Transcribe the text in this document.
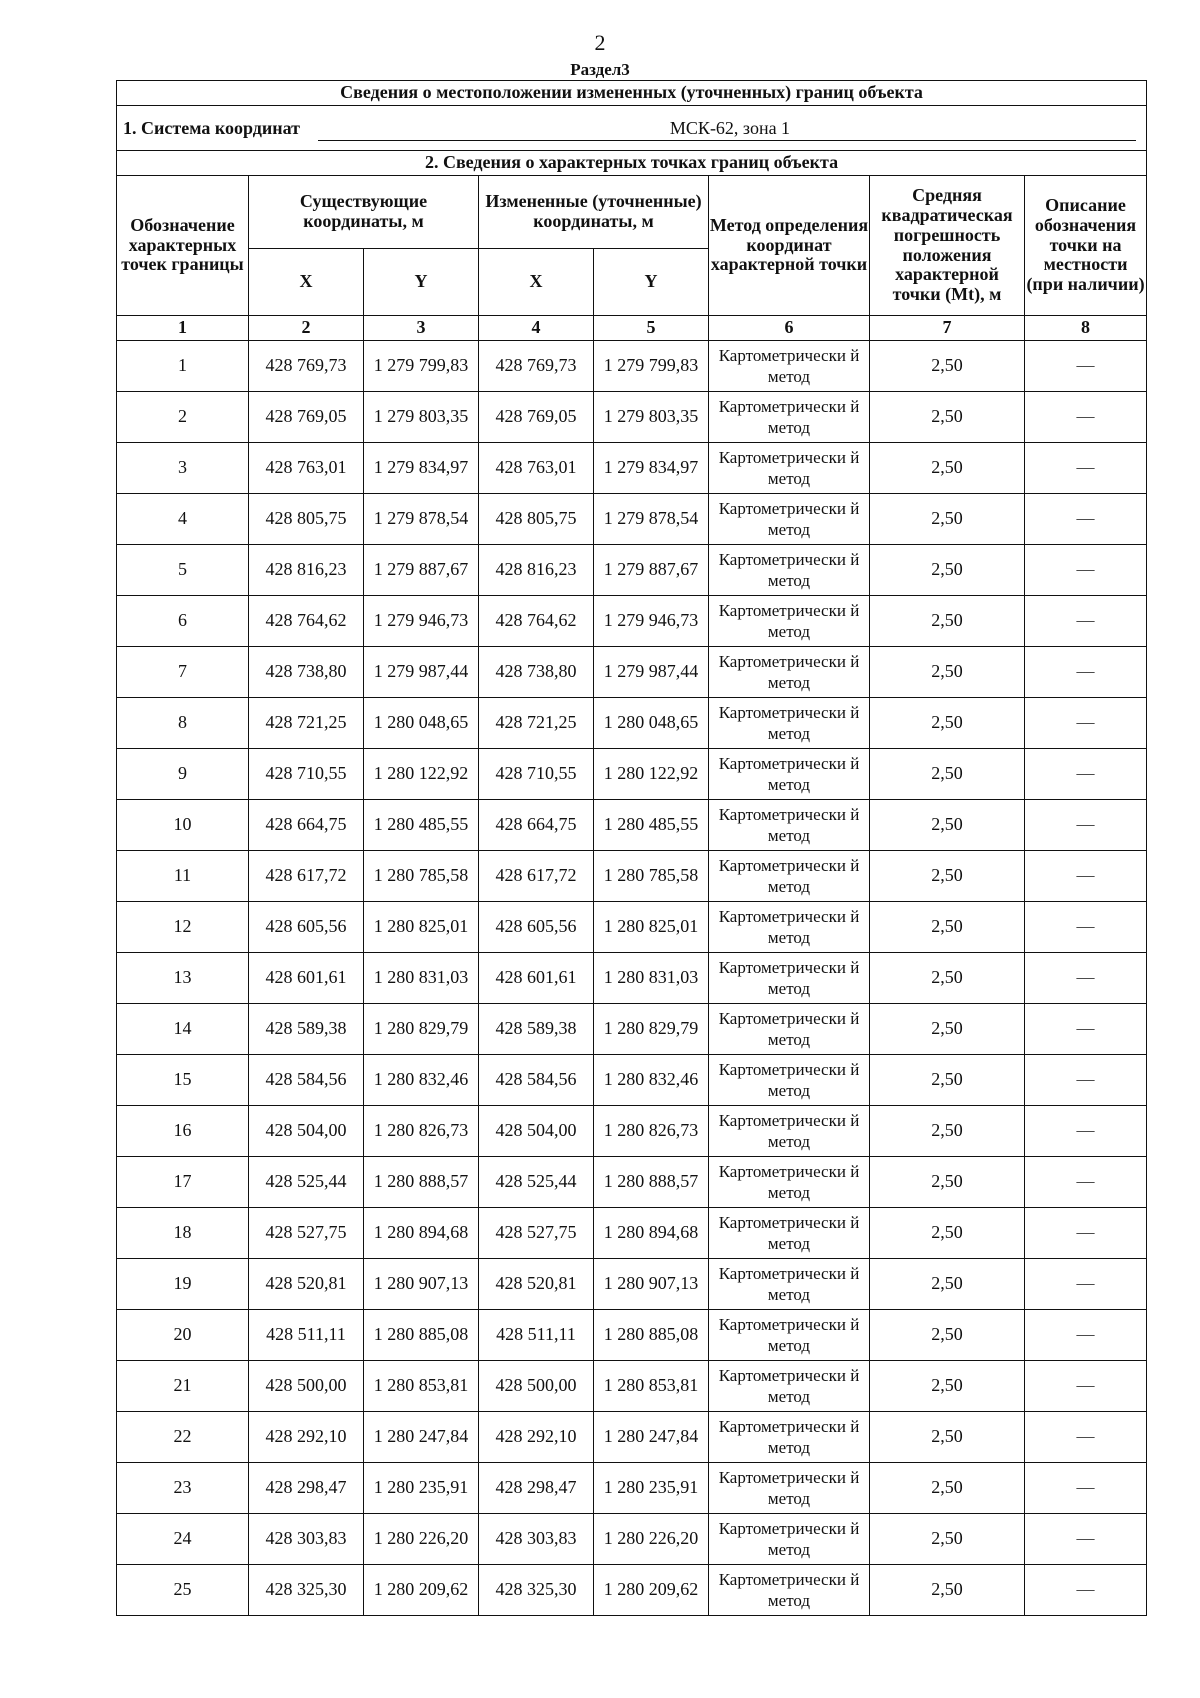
2
Раздел3
Сведения о местоположении измененных (уточненных) границ объекта							

1. Система координат МСК-62, зона 1							

2. Сведения о характерных точках границ объекта							
Обозначение характерных точек границы	Существующие координаты, м		Измененные (уточненные) координаты, м		Метод определения координат характерной точки	Средняя квадратическая погрешность положения характерной точки (Mt), м	Описание обозначения точки на местности (при наличии)
	X	Y	X	Y			
1	2	3	4	5	6	7	8
1	428 769,73	1 279 799,83	428 769,73	1 279 799,83	Картометрически й метод	2,50	—
2	428 769,05	1 279 803,35	428 769,05	1 279 803,35	Картометрически й метод	2,50	—
3	428 763,01	1 279 834,97	428 763,01	1 279 834,97	Картометрически й метод	2,50	—
4	428 805,75	1 279 878,54	428 805,75	1 279 878,54	Картометрически й метод	2,50	—
5	428 816,23	1 279 887,67	428 816,23	1 279 887,67	Картометрически й метод	2,50	—
6	428 764,62	1 279 946,73	428 764,62	1 279 946,73	Картометрически й метод	2,50	—
7	428 738,80	1 279 987,44	428 738,80	1 279 987,44	Картометрически й метод	2,50	—
8	428 721,25	1 280 048,65	428 721,25	1 280 048,65	Картометрически й метод	2,50	—
9	428 710,55	1 280 122,92	428 710,55	1 280 122,92	Картометрически й метод	2,50	—
10	428 664,75	1 280 485,55	428 664,75	1 280 485,55	Картометрически й метод	2,50	—
11	428 617,72	1 280 785,58	428 617,72	1 280 785,58	Картометрически й метод	2,50	—
12	428 605,56	1 280 825,01	428 605,56	1 280 825,01	Картометрически й метод	2,50	—
13	428 601,61	1 280 831,03	428 601,61	1 280 831,03	Картометрически й метод	2,50	—
14	428 589,38	1 280 829,79	428 589,38	1 280 829,79	Картометрически й метод	2,50	—
15	428 584,56	1 280 832,46	428 584,56	1 280 832,46	Картометрически й метод	2,50	—
16	428 504,00	1 280 826,73	428 504,00	1 280 826,73	Картометрически й метод	2,50	—
17	428 525,44	1 280 888,57	428 525,44	1 280 888,57	Картометрически й метод	2,50	—
18	428 527,75	1 280 894,68	428 527,75	1 280 894,68	Картометрически й метод	2,50	—
19	428 520,81	1 280 907,13	428 520,81	1 280 907,13	Картометрически й метод	2,50	—
20	428 511,11	1 280 885,08	428 511,11	1 280 885,08	Картометрически й метод	2,50	—
21	428 500,00	1 280 853,81	428 500,00	1 280 853,81	Картометрически й метод	2,50	—
22	428 292,10	1 280 247,84	428 292,10	1 280 247,84	Картометрически й метод	2,50	—
23	428 298,47	1 280 235,91	428 298,47	1 280 235,91	Картометрически й метод	2,50	—
24	428 303,83	1 280 226,20	428 303,83	1 280 226,20	Картометрически й метод	2,50	—
25	428 325,30	1 280 209,62	428 325,30	1 280 209,62	Картометрически й метод	2,50	—
